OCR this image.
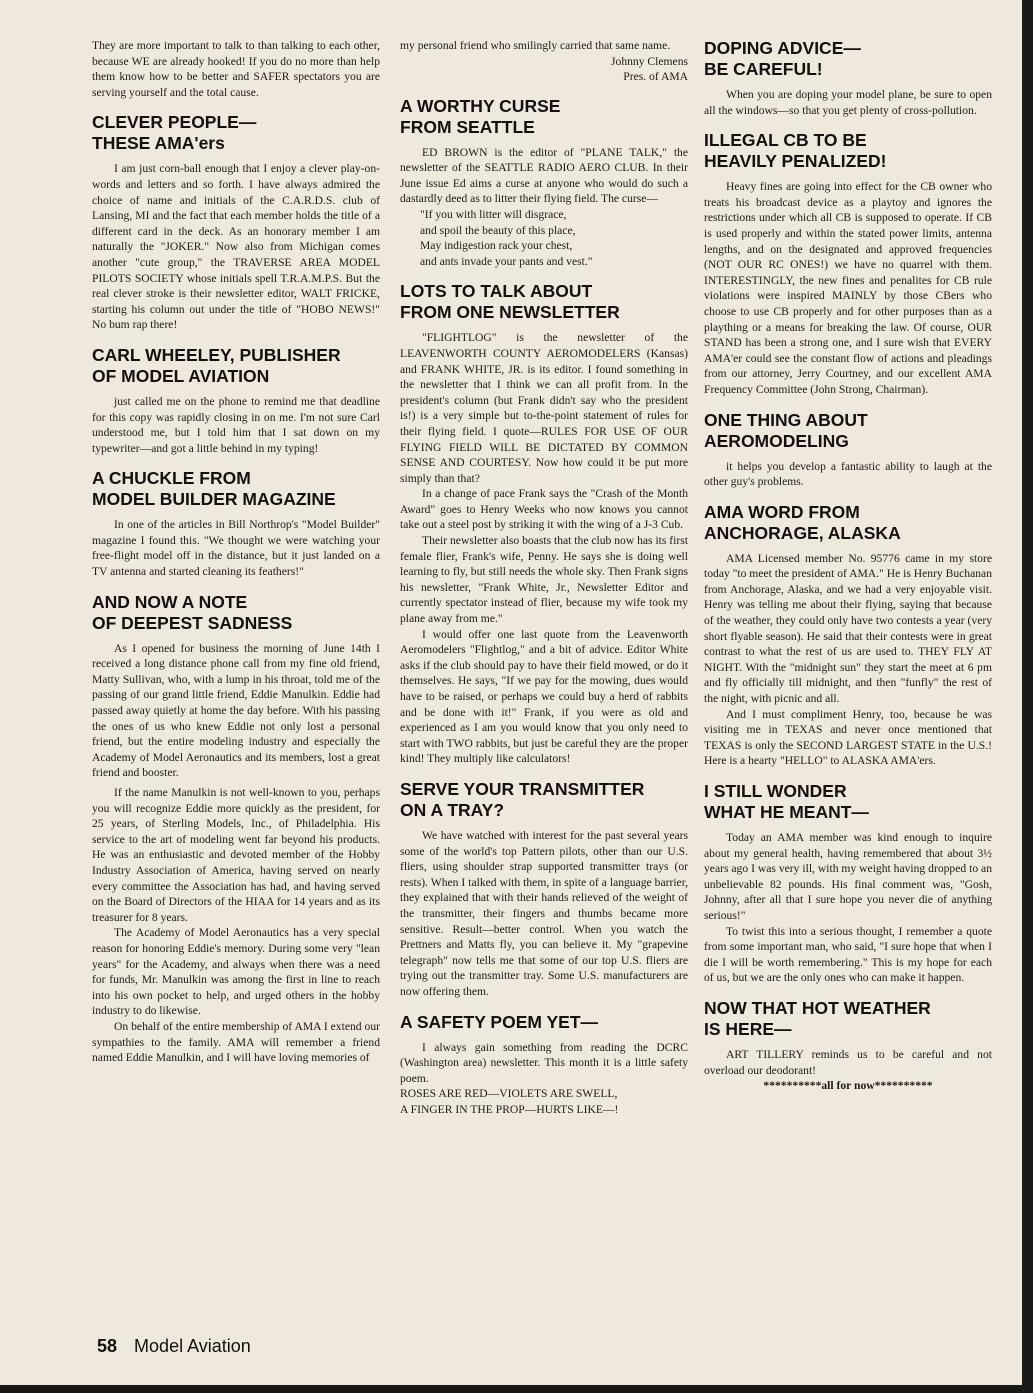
They are more important to talk to than talking to each other, because WE are already hooked! If you do no more than help them know how to be better and SAFER spectators you are serving yourself and the total cause.

CLEVER PEOPLE—
THESE AMA'ers

I am just corn-ball enough that I enjoy a clever play-on-words and letters and so forth. I have always admired the choice of name and initials of the C.A.R.D.S. club of Lansing, MI and the fact that each member holds the title of a different card in the deck. As an honorary member I am naturally the "JOKER." Now also from Michigan comes another "cute group," the TRAVERSE AREA MODEL PILOTS SOCIETY whose initials spell T.R.A.M.P.S. But the real clever stroke is their newsletter editor, WALT FRICKE, starting his column out under the title of "HOBO NEWS!" No bum rap there!

CARL WHEELEY, PUBLISHER
OF MODEL AVIATION

just called me on the phone to remind me that deadline for this copy was rapidly closing in on me. I'm not sure Carl understood me, but I told him that I sat down on my typewriter—and got a little behind in my typing!

A CHUCKLE FROM
MODEL BUILDER MAGAZINE

In one of the articles in Bill Northrop's "Model Builder" magazine I found this. "We thought we were watching your free-flight model off in the distance, but it just landed on a TV antenna and started cleaning its feathers!"

AND NOW A NOTE
OF DEEPEST SADNESS

As I opened for business the morning of June 14th I received a long distance phone call from my fine old friend, Matty Sullivan, who, with a lump in his throat, told me of the passing of our grand little friend, Eddie Manulkin. Eddie had passed away quietly at home the day before. With his passing the ones of us who knew Eddie not only lost a personal friend, but the entire modeling industry and especially the Academy of Model Aeronautics and its members, lost a great friend and booster.

If the name Manulkin is not well-known to you, perhaps you will recognize Eddie more quickly as the president, for 25 years, of Sterling Models, Inc., of Philadelphia. His service to the art of modeling went far beyond his products. He was an enthusiastic and devoted member of the Hobby Industry Association of America, having served on nearly every committee the Association has had, and having served on the Board of Directors of the HIAA for 14 years and as its treasurer for 8 years.

The Academy of Model Aeronautics has a very special reason for honoring Eddie's memory. During some very "lean years" for the Academy, and always when there was a need for funds, Mr. Manulkin was among the first in line to reach into his own pocket to help, and urged others in the hobby industry to do likewise.

On behalf of the entire membership of AMA I extend our sympathies to the family. AMA will remember a friend named Eddie Manulkin, and I will have loving memories of

my personal friend who smilingly carried that same name.

Johnny Clemens
Pres. of AMA
A WORTHY CURSE
FROM SEATTLE

ED BROWN is the editor of "PLANE TALK," the newsletter of the SEATTLE RADIO AERO CLUB. In their June issue Ed aims a curse at anyone who would do such a dastardly deed as to litter their flying field. The curse—

"If you with litter will disgrace,
and spoil the beauty of this place,
May indigestion rack your chest,
and ants invade your pants and vest."
LOTS TO TALK ABOUT
FROM ONE NEWSLETTER

"FLIGHTLOG" is the newsletter of the LEAVENWORTH COUNTY AEROMODELERS (Kansas) and FRANK WHITE, JR. is its editor. I found something in the newsletter that I think we can all profit from. In the president's column (but Frank didn't say who the president is!) is a very simple but to-the-point statement of rules for their flying field. I quote—RULES FOR USE OF OUR FLYING FIELD WILL BE DICTATED BY COMMON SENSE AND COURTESY. Now how could it be put more simply than that?

In a change of pace Frank says the "Crash of the Month Award" goes to Henry Weeks who now knows you cannot take out a steel post by striking it with the wing of a J-3 Cub.

Their newsletter also boasts that the club now has its first female flier, Frank's wife, Penny. He says she is doing well learning to fly, but still needs the whole sky. Then Frank signs his newsletter, "Frank White, Jr., Newsletter Editor and currently spectator instead of flier, because my wife took my plane away from me."

I would offer one last quote from the Leavenworth Aeromodelers "Flightlog," and a bit of advice. Editor White asks if the club should pay to have their field mowed, or do it themselves. He says, "If we pay for the mowing, dues would have to be raised, or perhaps we could buy a herd of rabbits and be done with it!" Frank, if you were as old and experienced as I am you would know that you only need to start with TWO rabbits, but just be careful they are the proper kind! They multiply like calculators!

SERVE YOUR TRANSMITTER
ON A TRAY?

We have watched with interest for the past several years some of the world's top Pattern pilots, other than our U.S. fliers, using shoulder strap supported transmitter trays (or rests). When I talked with them, in spite of a language barrier, they explained that with their hands relieved of the weight of the transmitter, their fingers and thumbs became more sensitive. Result—better control. When you watch the Prettners and Matts fly, you can believe it. My "grapevine telegraph" now tells me that some of our top U.S. fliers are trying out the transmitter tray. Some U.S. manufacturers are now offering them.

A SAFETY POEM YET—

I always gain something from reading the DCRC (Washington area) newsletter. This month it is a little safety poem.

ROSES ARE RED—VIOLETS ARE SWELL,
A FINGER IN THE PROP—HURTS LIKE—!
DOPING ADVICE—
BE CAREFUL!

When you are doping your model plane, be sure to open all the windows—so that you get plenty of cross-pollution.

ILLEGAL CB TO BE
HEAVILY PENALIZED!

Heavy fines are going into effect for the CB owner who treats his broadcast device as a playtoy and ignores the restrictions under which all CB is supposed to operate. If CB is used properly and within the stated power limits, antenna lengths, and on the designated and approved frequencies (NOT OUR RC ONES!) we have no quarrel with them. INTERESTINGLY, the new fines and penalites for CB rule violations were inspired MAINLY by those CBers who choose to use CB properly and for other purposes than as a plaything or a means for breaking the law. Of course, OUR STAND has been a strong one, and I sure wish that EVERY AMA'er could see the constant flow of actions and pleadings from our attorney, Jerry Courtney, and our excellent AMA Frequency Committee (John Strong, Chairman).

ONE THING ABOUT
AEROMODELING

it helps you develop a fantastic ability to laugh at the other guy's problems.

AMA WORD FROM
ANCHORAGE, ALASKA

AMA Licensed member No. 95776 came in my store today "to meet the president of AMA." He is Henry Buchanan from Anchorage, Alaska, and we had a very enjoyable visit. Henry was telling me about their flying, saying that because of the weather, they could only have two contests a year (very short flyable season). He said that their contests were in great contrast to what the rest of us are used to. THEY FLY AT NIGHT. With the "midnight sun" they start the meet at 6 pm and fly officially till midnight, and then "funfly" the rest of the night, with picnic and all.

And I must compliment Henry, too, because he was visiting me in TEXAS and never once mentioned that TEXAS is only the SECOND LARGEST STATE in the U.S.! Here is a hearty "HELLO" to ALASKA AMA'ers.

I STILL WONDER
WHAT HE MEANT—

Today an AMA member was kind enough to inquire about my general health, having remembered that about 3½ years ago I was very ill, with my weight having dropped to an unbelievable 82 pounds. His final comment was, "Gosh, Johnny, after all that I sure hope you never die of anything serious!"

To twist this into a serious thought, I remember a quote from some important man, who said, "I sure hope that when I die I will be worth remembering." This is my hope for each of us, but we are the only ones who can make it happen.

NOW THAT HOT WEATHER
IS HERE—

ART TILLERY reminds us to be careful and not overload our deodorant!

**********all for now**********
58 Model Aviation
